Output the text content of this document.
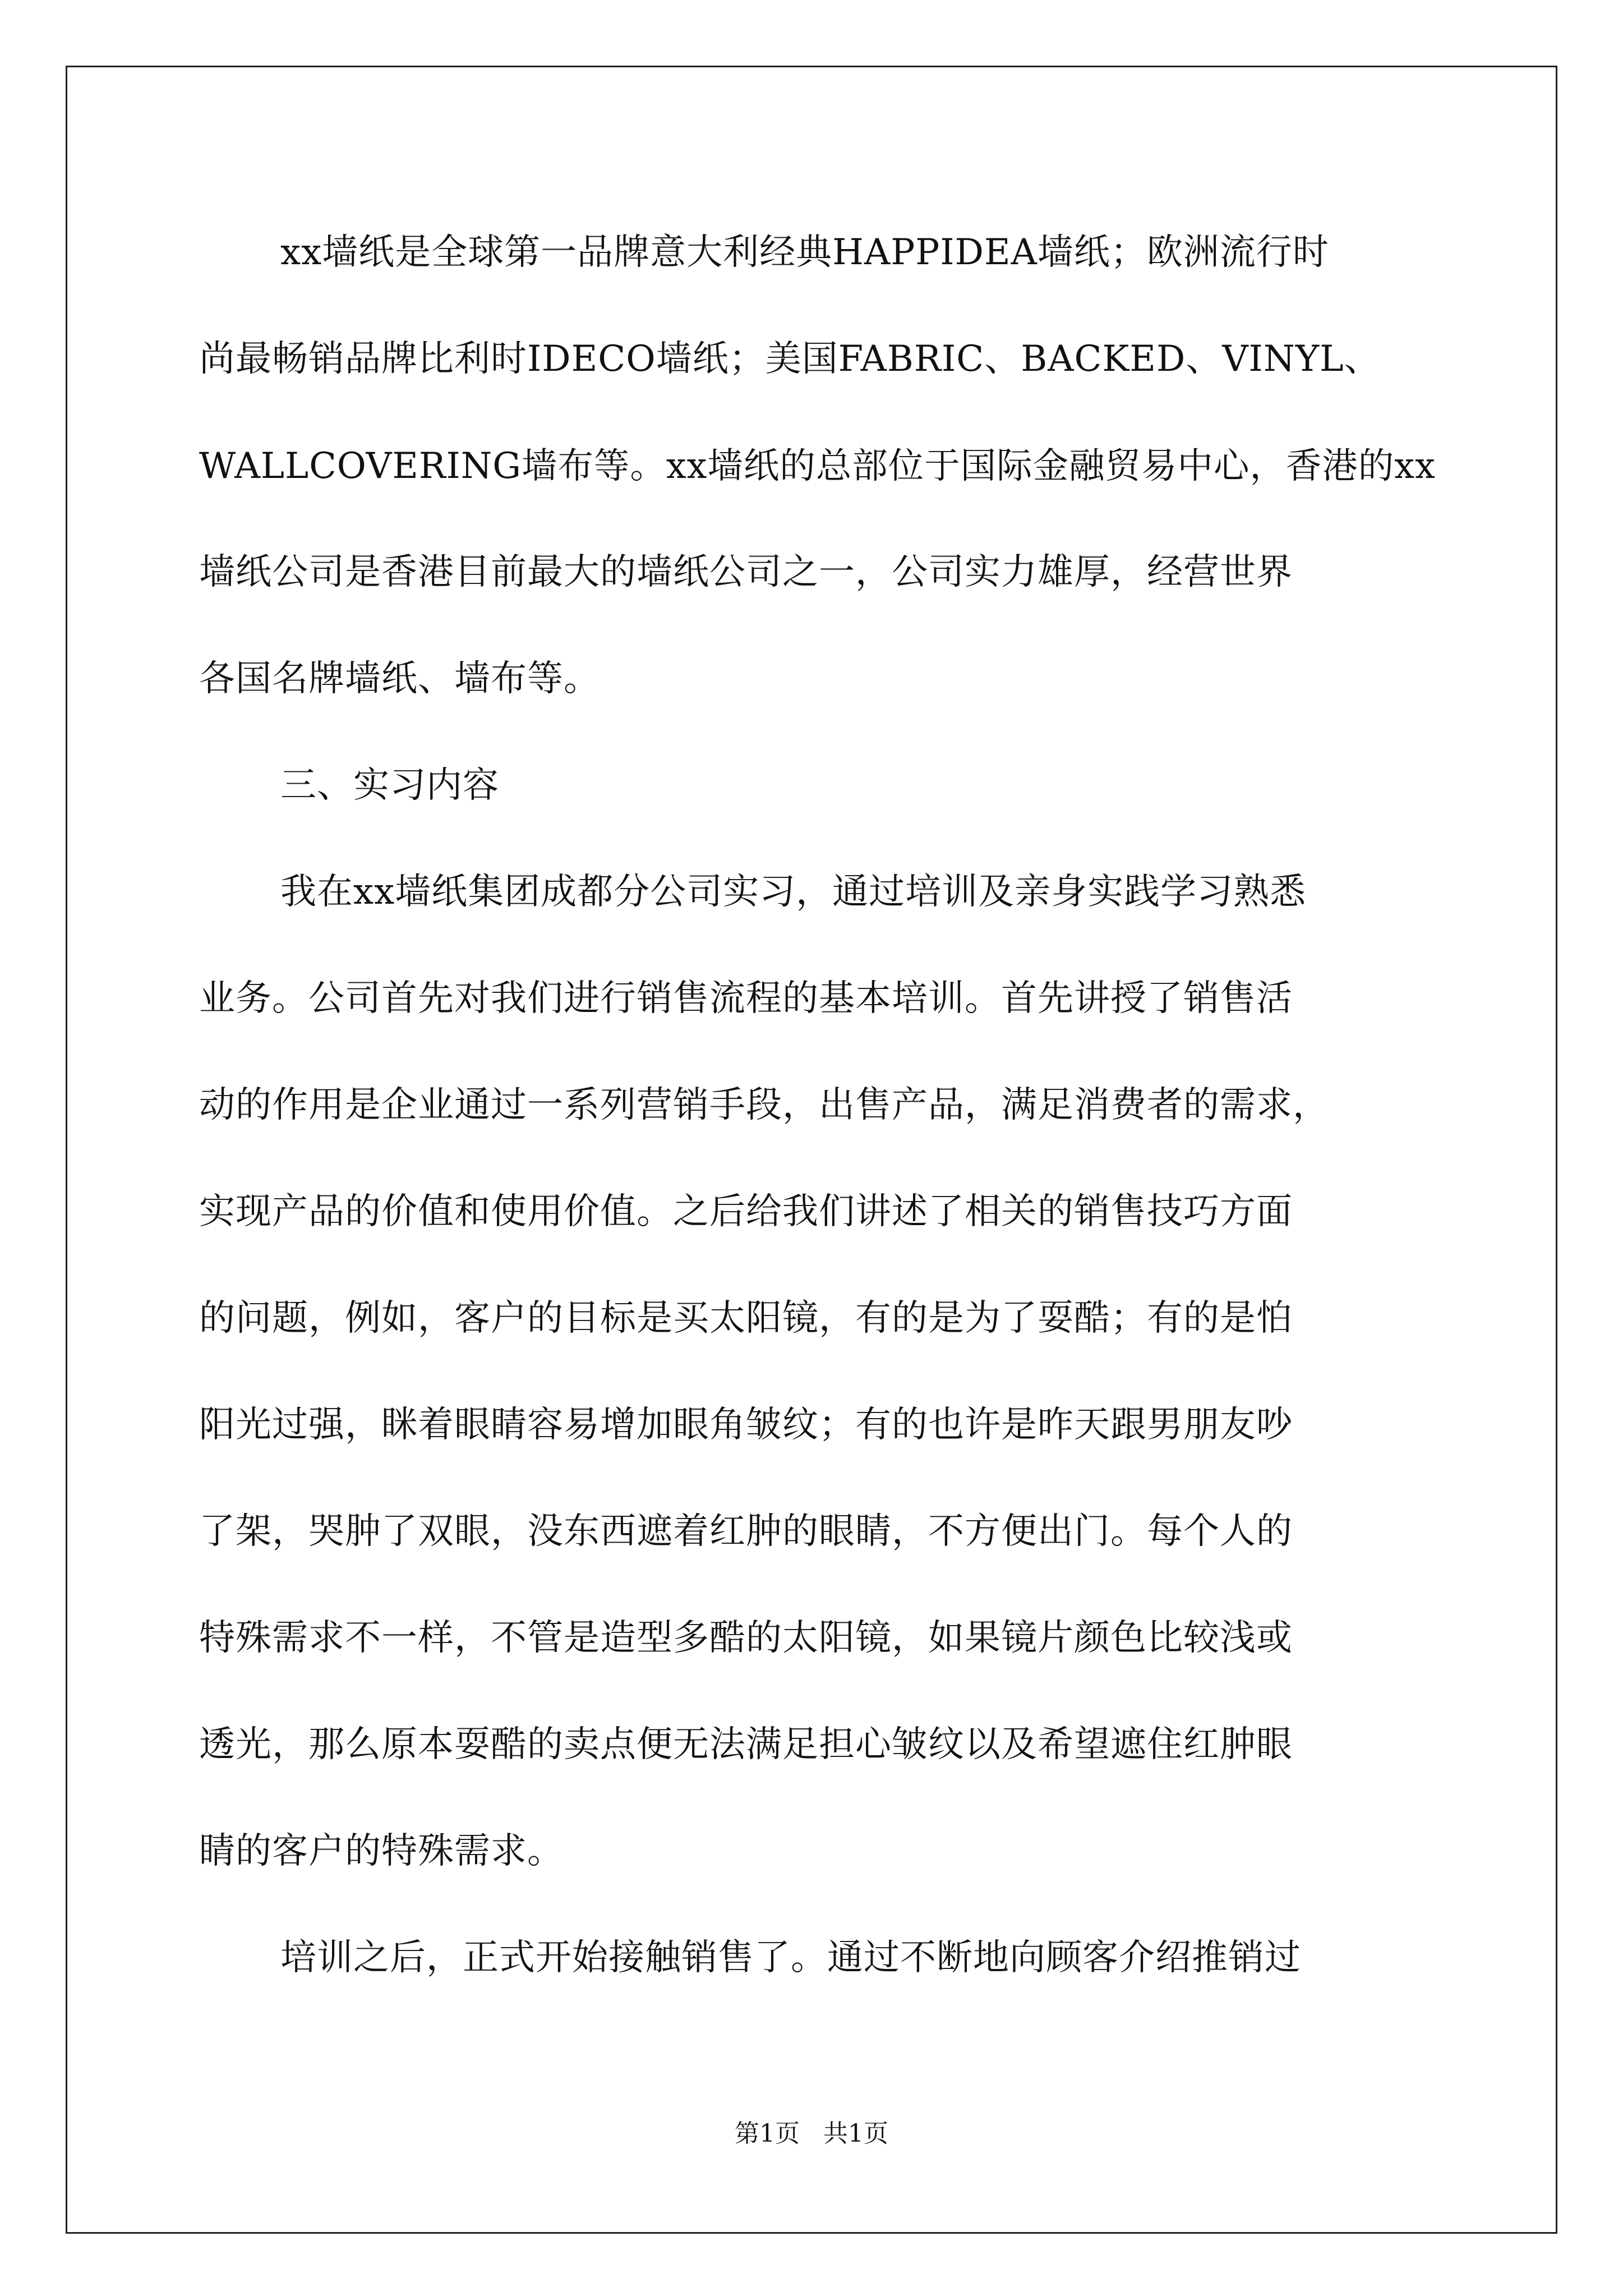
xx墙纸是全球第一品牌意大利经典HAPPIDEA墙纸；欧洲流行时
尚最畅销品牌比利时IDECO墙纸；美国FABRIC、BACKED、VINYL、
WALLCOVERING墙布等。xx墙纸的总部位于国际金融贸易中心，香港的xx
墙纸公司是香港目前最大的墙纸公司之一，公司实力雄厚，经营世界
各国名牌墙纸、墙布等。
三、实习内容
我在xx墙纸集团成都分公司实习，通过培训及亲身实践学习熟悉
业务。公司首先对我们进行销售流程的基本培训。首先讲授了销售活
动的作用是企业通过一系列营销手段，出售产品，满足消费者的需求，
实现产品的价值和使用价值。之后给我们讲述了相关的销售技巧方面
的问题，例如，客户的目标是买太阳镜，有的是为了耍酷；有的是怕
阳光过强，眯着眼睛容易增加眼角皱纹；有的也许是昨天跟男朋友吵
了架，哭肿了双眼，没东西遮着红肿的眼睛，不方便出门。每个人的
特殊需求不一样，不管是造型多酷的太阳镜，如果镜片颜色比较浅或
透光，那么原本耍酷的卖点便无法满足担心皱纹以及希望遮住红肿眼
睛的客户的特殊需求。
培训之后，正式开始接触销售了。通过不断地向顾客介绍推销过
第1页   共1页
